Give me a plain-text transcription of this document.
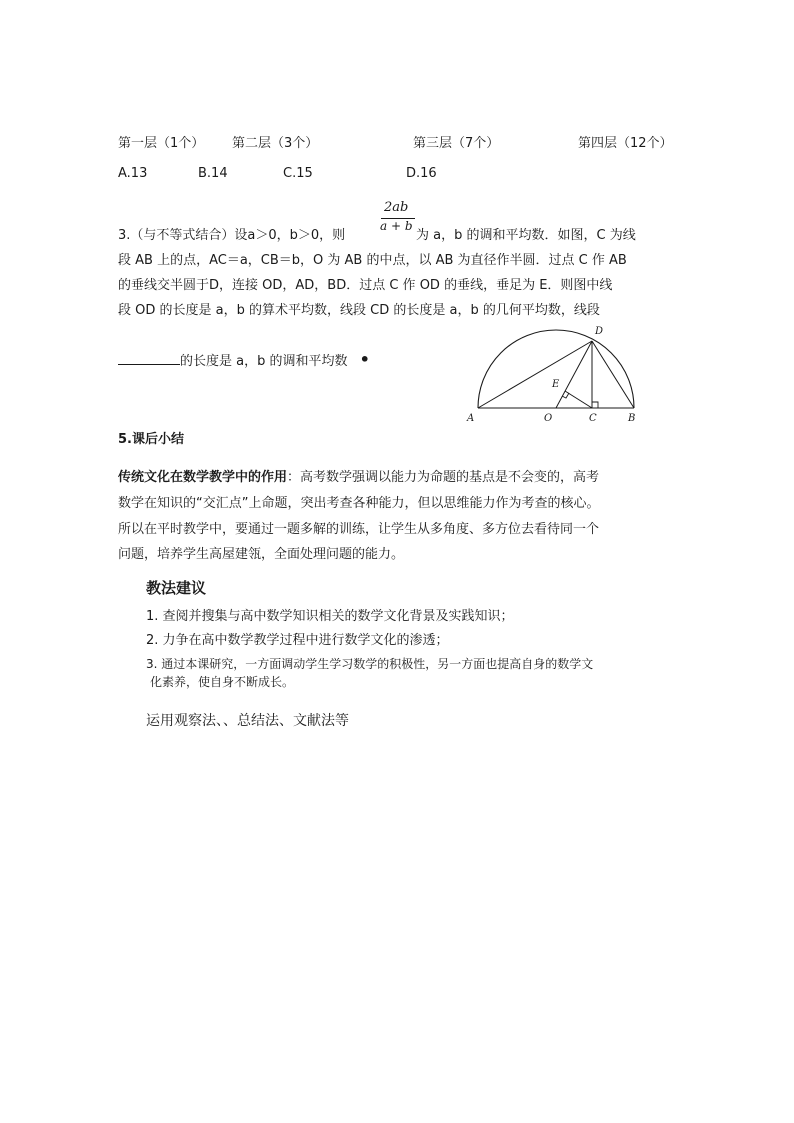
第一层（1个） 第二层（3个）	第三层（7个）	第四层（12个）
A.13	B.14	C.15	D.16
2ab
a + b
3.（与不等式结合）设a＞0，b＞0，则	为 a，b 的调和平均数．如图，C 为线
段 AB 上的点，AC＝a，CB＝b，O 为 AB 的中点，以 AB 为直径作半圆．过点 C 作 AB
的垂线交半圆于D，连接 OD，AD，BD．过点 C 作 OD 的垂线，垂足为 E．则图中线
段 OD 的长度是 a，b 的算术平均数，线段 CD 的长度是 a，b 的几何平均数，线段
的长度是 a，b 的调和平均数 •
A	O	C	B
D
E
5.课后小结
传统文化在数学教学中的作用：高考数学强调以能力为命题的基点是不会变的，高考
数学在知识的“交汇点”上命题，突出考查各种能力，但以思维能力作为考查的核心。
所以在平时教学中，要通过一题多解的训练，让学生从多角度、多方位去看待同一个
问题，培养学生高屋建瓴，全面处理问题的能力。
教法建议
1. 查阅并搜集与高中数学知识相关的数学文化背景及实践知识；
2. 力争在高中数学教学过程中进行数学文化的渗透；
3. 通过本课研究，一方面调动学生学习数学的积极性，另一方面也提高自身的数学文
化素养，使自身不断成长。
运用观察法、、总结法、文献法等
